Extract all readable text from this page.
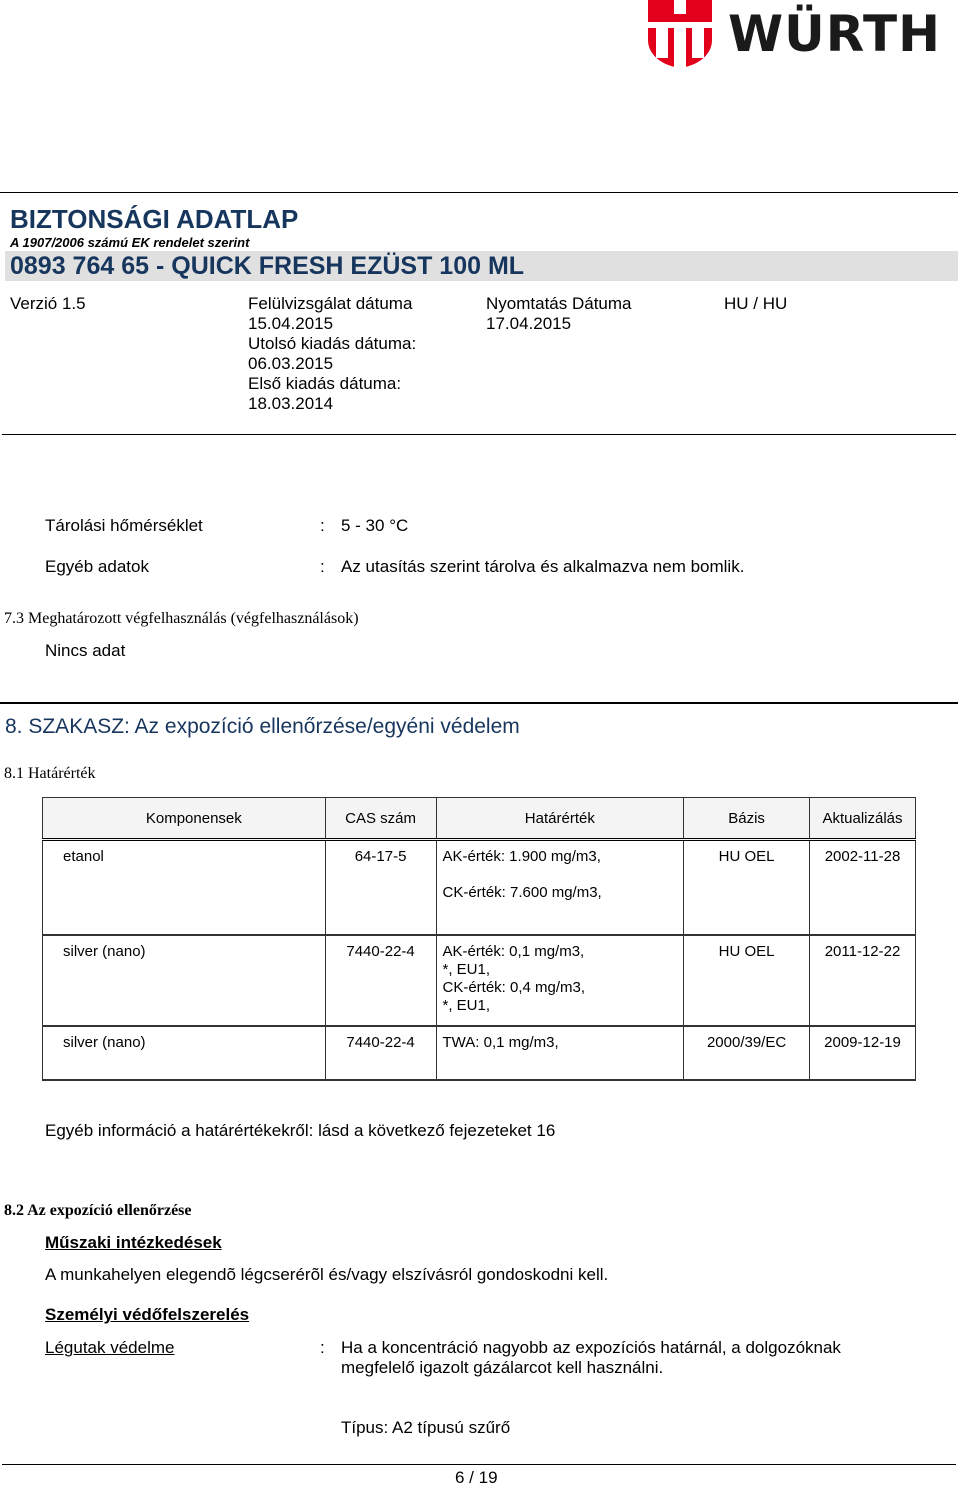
WÜRTH
BIZTONSÁGI ADATLAP
A 1907/2006 számú EK rendelet szerint
0893 764 65 - QUICK FRESH EZÜST 100 ML
Verzió 1.5	Felülvizsgálat dátuma
15.04.2015
Utolsó kiadás dátuma:
06.03.2015
Első kiadás dátuma:
18.03.2014
Nyomtatás Dátuma
17.04.2015
HU / HU
Tárolási hőmérséklet	: 5 - 30 °C
Egyéb adatok	: Az utasítás szerint tárolva és alkalmazva nem bomlik.
7.3 Meghatározott végfelhasználás (végfelhasználások)
Nincs adat
8. SZAKASZ: Az expozíció ellenőrzése/egyéni védelem
8.1 Határérték
Komponensek	CAS szám	Határérték	Bázis	Aktualizálás
etanol	64-17-5	AK-érték: 1.900 mg/m3,
CK-érték: 7.600 mg/m3,	HU OEL	2002-11-28
silver (nano)	7440-22-4	AK-érték: 0,1 mg/m3,
*, EU1,
CK-érték: 0,4 mg/m3,
*, EU1,	HU OEL	2011-12-22
silver (nano)	7440-22-4	TWA: 0,1 mg/m3,	2000/39/EC	2009-12-19
Egyéb információ a határértékekről: lásd a következő fejezeteket 16
8.2 Az expozíció ellenőrzése
Műszaki intézkedések
A munkahelyen elegendõ légcserérõl és/vagy elszívásról gondoskodni kell.
Személyi védőfelszerelés
Légutak védelme	: Ha a koncentráció nagyobb az expozíciós határnál, a dolgozóknak
megfelelő igazolt gázálarcot kell használni.
Típus: A2 típusú szűrő
6 / 19
